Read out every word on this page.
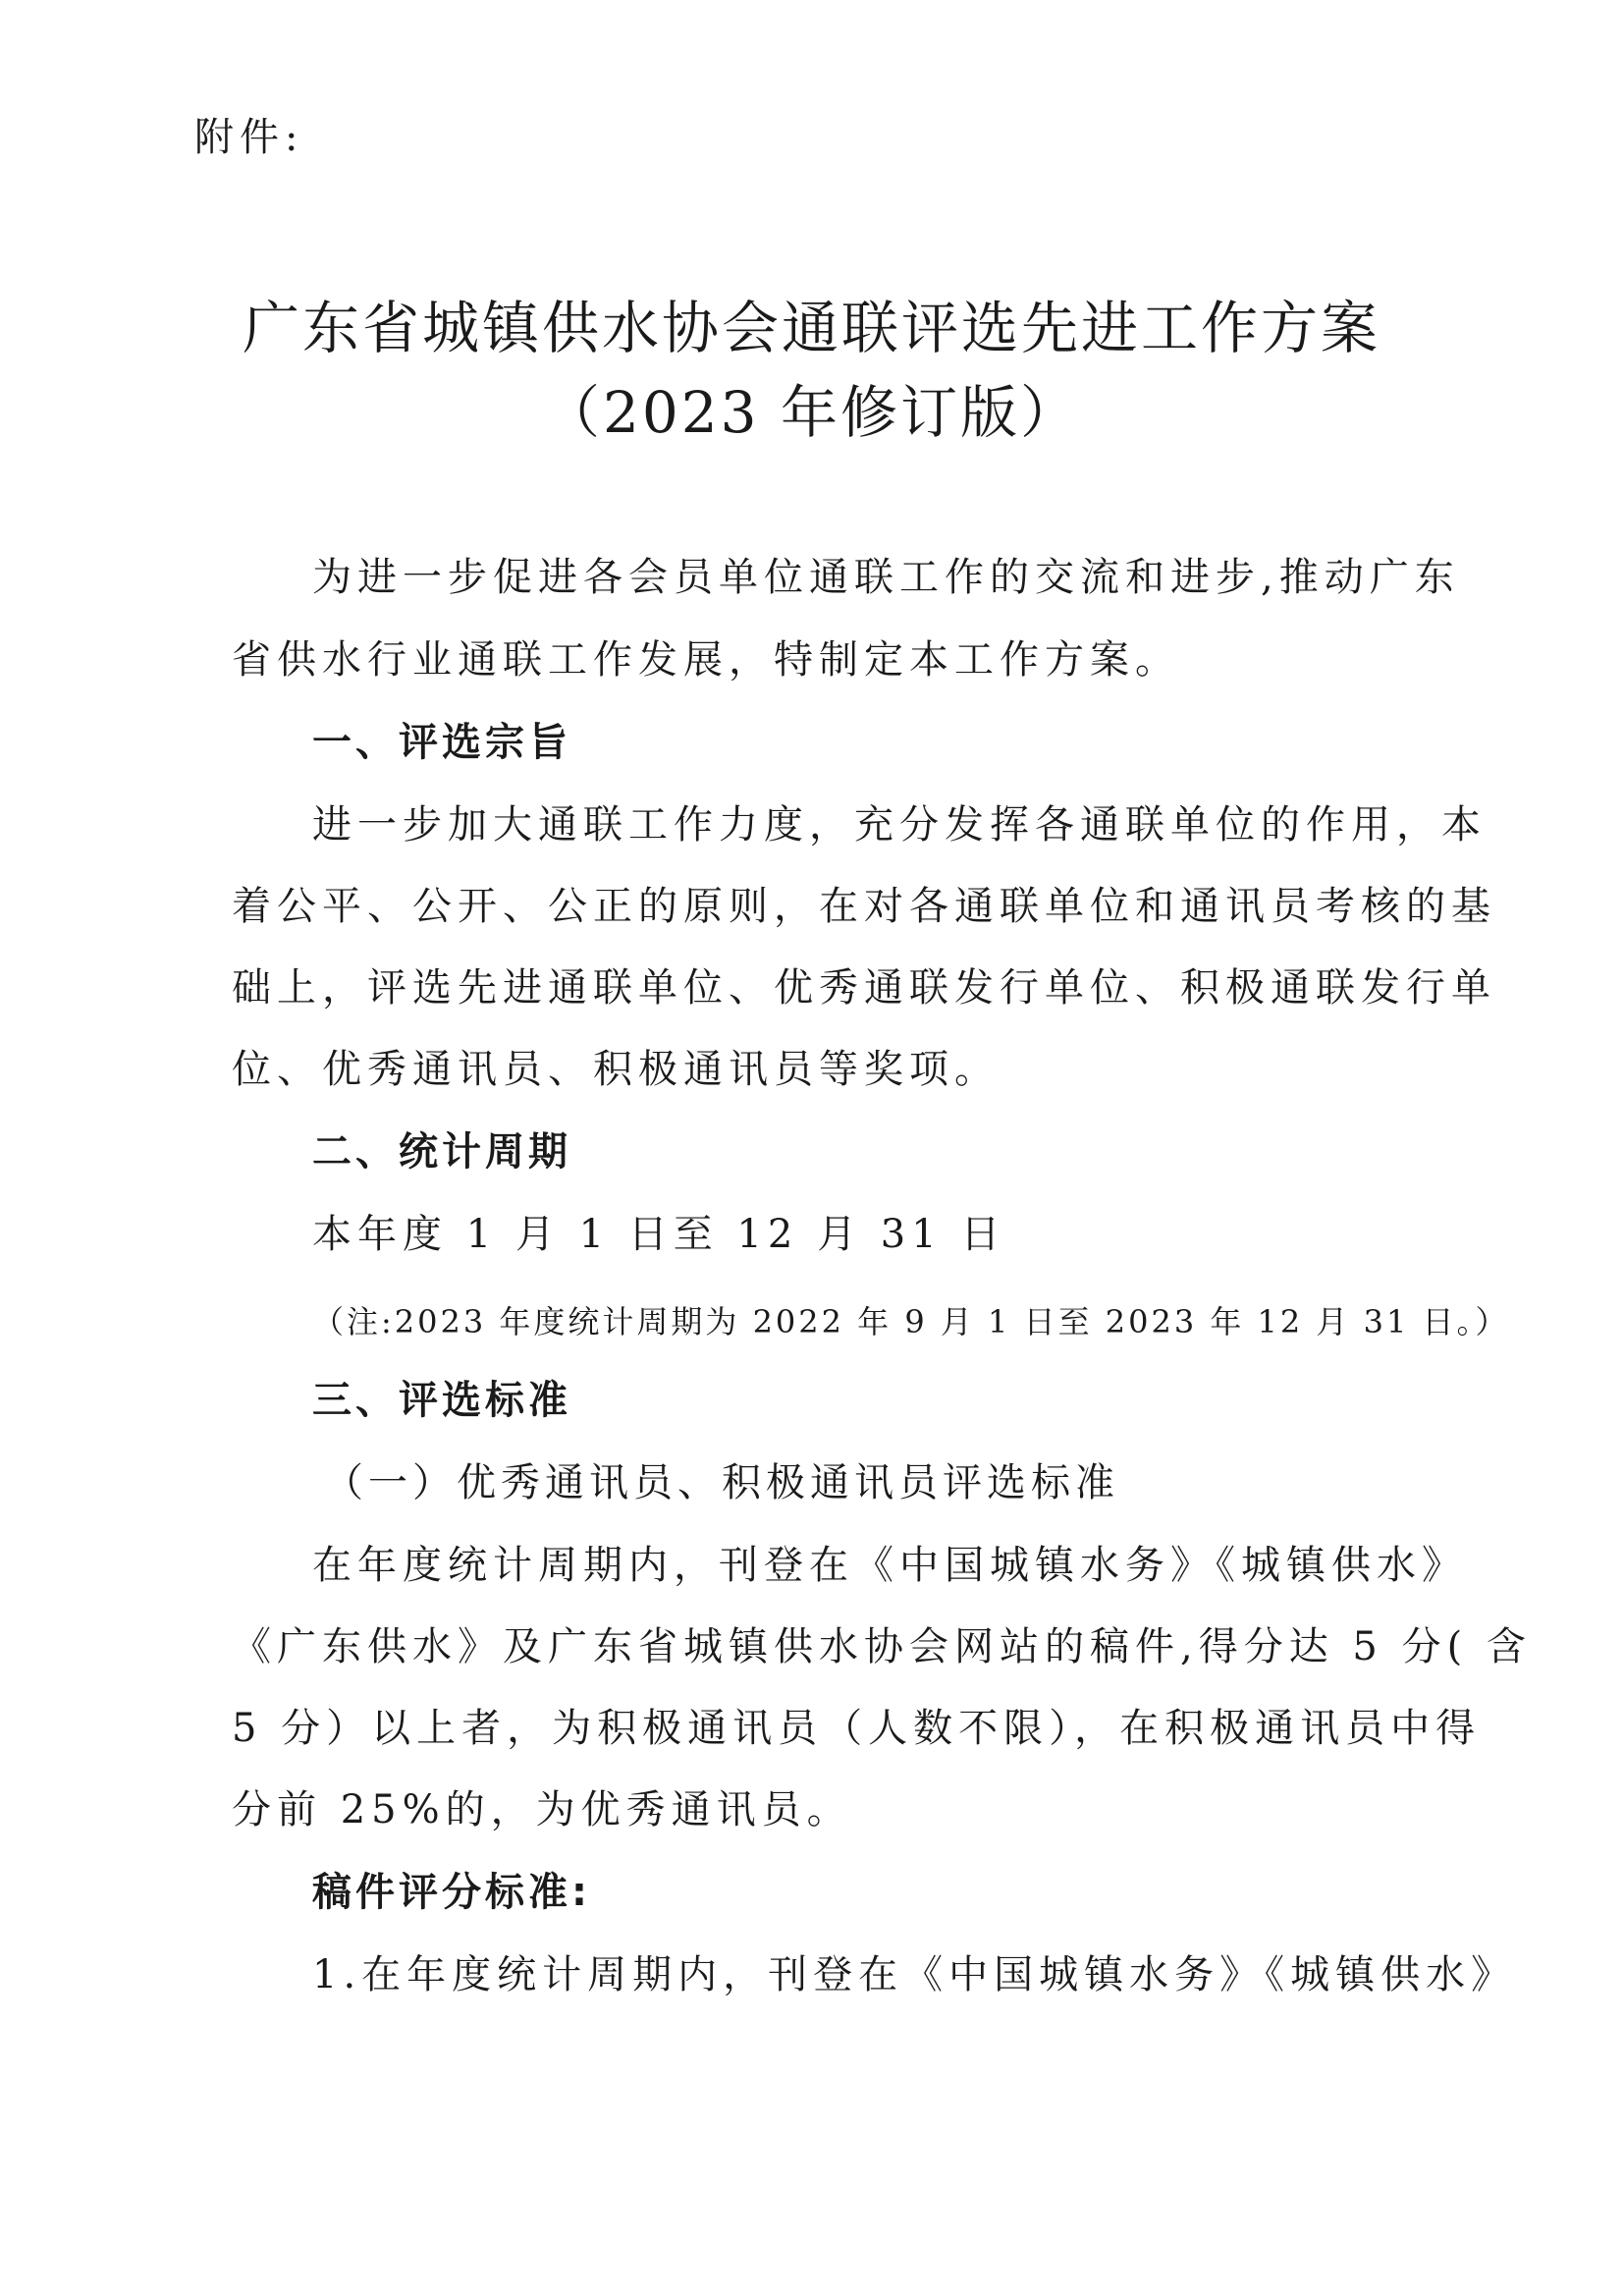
附件:
广东省城镇供水协会通联评选先进工作方案
（2023 年修订版）
为进一步促进各会员单位通联工作的交流和进步,推动广东
省供水行业通联工作发展，特制定本工作方案。
一、评选宗旨
进一步加大通联工作力度，充分发挥各通联单位的作用，本
着公平、公开、公正的原则，在对各通联单位和通讯员考核的基
础上，评选先进通联单位、优秀通联发行单位、积极通联发行单
位、优秀通讯员、积极通讯员等奖项。
二、统计周期
本年度 1 月 1 日至 12 月 31 日
（注:2023 年度统计周期为 2022 年 9 月 1 日至 2023 年 12 月 31 日。）
三、评选标准
（一）优秀通讯员、积极通讯员评选标准
在年度统计周期内，刊登在《中国城镇水务》《城镇供水》
《广东供水》及广东省城镇供水协会网站的稿件,得分达 5 分( 含
5 分）以上者，为积极通讯员（人数不限），在积极通讯员中得
分前 25%的，为优秀通讯员。
稿件评分标准:
1.在年度统计周期内，刊登在《中国城镇水务》《城镇供水》
